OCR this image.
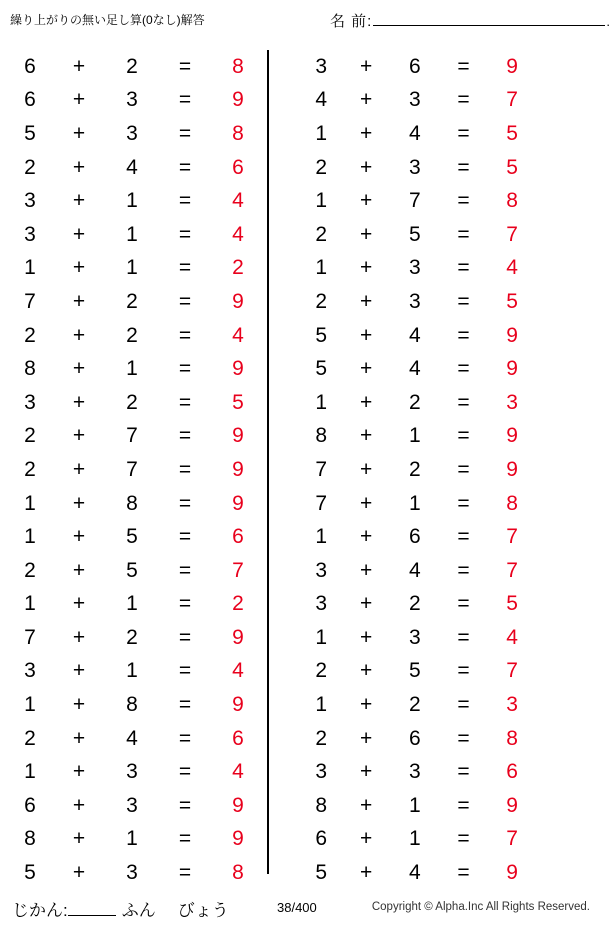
繰り上がりの無い足し算(0なし)解答	名 前:	.
6	+	2	=	8
6	+	3	=	9
5	+	3	=	8
2	+	4	=	6
3	+	1	=	4
3	+	1	=	4
1	+	1	=	2
7	+	2	=	9
2	+	2	=	4
8	+	1	=	9
3	+	2	=	5
2	+	7	=	9
2	+	7	=	9
1	+	8	=	9
1	+	5	=	6
2	+	5	=	7
1	+	1	=	2
7	+	2	=	9
3	+	1	=	4
1	+	8	=	9
2	+	4	=	6
1	+	3	=	4
6	+	3	=	9
8	+	1	=	9
5	+	3	=	8
3	+	6	=	9
4	+	3	=	7
1	+	4	=	5
2	+	3	=	5
1	+	7	=	8
2	+	5	=	7
1	+	3	=	4
2	+	3	=	5
5	+	4	=	9
5	+	4	=	9
1	+	2	=	3
8	+	1	=	9
7	+	2	=	9
7	+	1	=	8
1	+	6	=	7
3	+	4	=	7
3	+	2	=	5
1	+	3	=	4
2	+	5	=	7
1	+	2	=	3
2	+	6	=	8
3	+	3	=	6
8	+	1	=	9
6	+	1	=	7
5	+	4	=	9
じかん:	ふん びょう	38/400	Copyright © Alpha.Inc All Rights Reserved.
